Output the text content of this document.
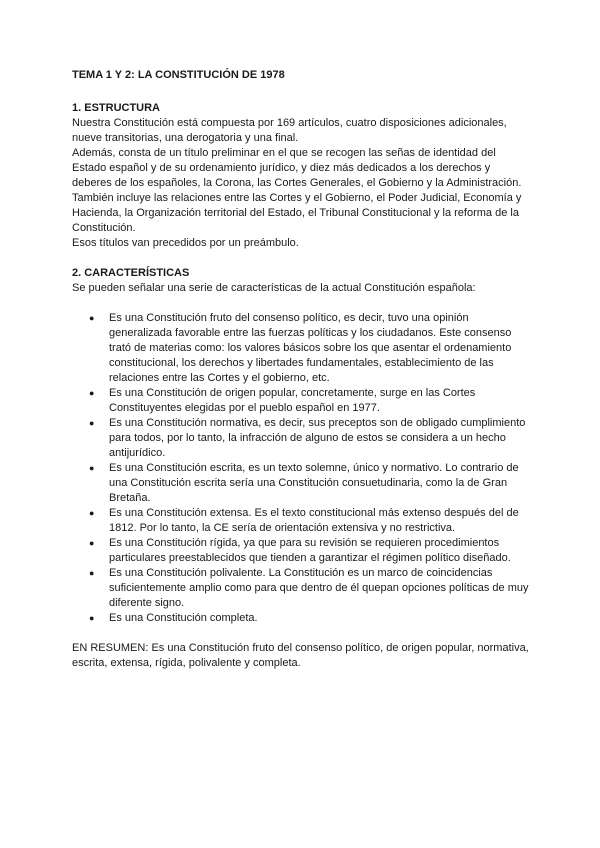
TEMA 1 Y 2: LA CONSTITUCIÓN DE 1978
1. ESTRUCTURA

Nuestra Constitución está compuesta por 169 artículos, cuatro disposiciones adicionales, nueve transitorias, una derogatoria y una final.

Además, consta de un título preliminar en el que se recogen las señas de identidad del Estado español y de su ordenamiento jurídico, y diez más dedicados a los derechos y deberes de los españoles, la Corona, las Cortes Generales, el Gobierno y la Administración. También incluye las relaciones entre las Cortes y el Gobierno, el Poder Judicial, Economía y Hacienda, la Organización territorial del Estado, el Tribunal Constitucional y la reforma de la Constitución.

Esos títulos van precedidos por un preámbulo.

2. CARACTERÍSTICAS

Se pueden señalar una serie de características de la actual Constitución española:

● Es una Constitución fruto del consenso político, es decir, tuvo una opinión generalizada favorable entre las fuerzas políticas y los ciudadanos. Este consenso trató de materias como: los valores básicos sobre los que asentar el ordenamiento constitucional, los derechos y libertades fundamentales, establecimiento de las relaciones entre las Cortes y el gobierno, etc.
● Es una Constitución de origen popular, concretamente, surge en las Cortes Constituyentes elegidas por el pueblo español en 1977.
● Es una Constitución normativa, es decir, sus preceptos son de obligado cumplimiento para todos, por lo tanto, la infracción de alguno de estos se considera a un hecho antijurídico.
● Es una Constitución escrita, es un texto solemne, único y normativo. Lo contrario de una Constitución escrita sería una Constitución consuetudinaria, como la de Gran Bretaña.
● Es una Constitución extensa. Es el texto constitucional más extenso después del de 1812. Por lo tanto, la CE sería de orientación extensiva y no restrictiva.
● Es una Constitución rígida, ya que para su revisión se requieren procedimientos particulares preestablecidos que tienden a garantizar el régimen político diseñado.
● Es una Constitución polivalente. La Constitución es un marco de coincidencias suficientemente amplio como para que dentro de él quepan opciones políticas de muy diferente signo.
● Es una Constitución completa.

EN RESUMEN: Es una Constitución fruto del consenso político, de origen popular, normativa, escrita, extensa, rígida, polivalente y completa.
